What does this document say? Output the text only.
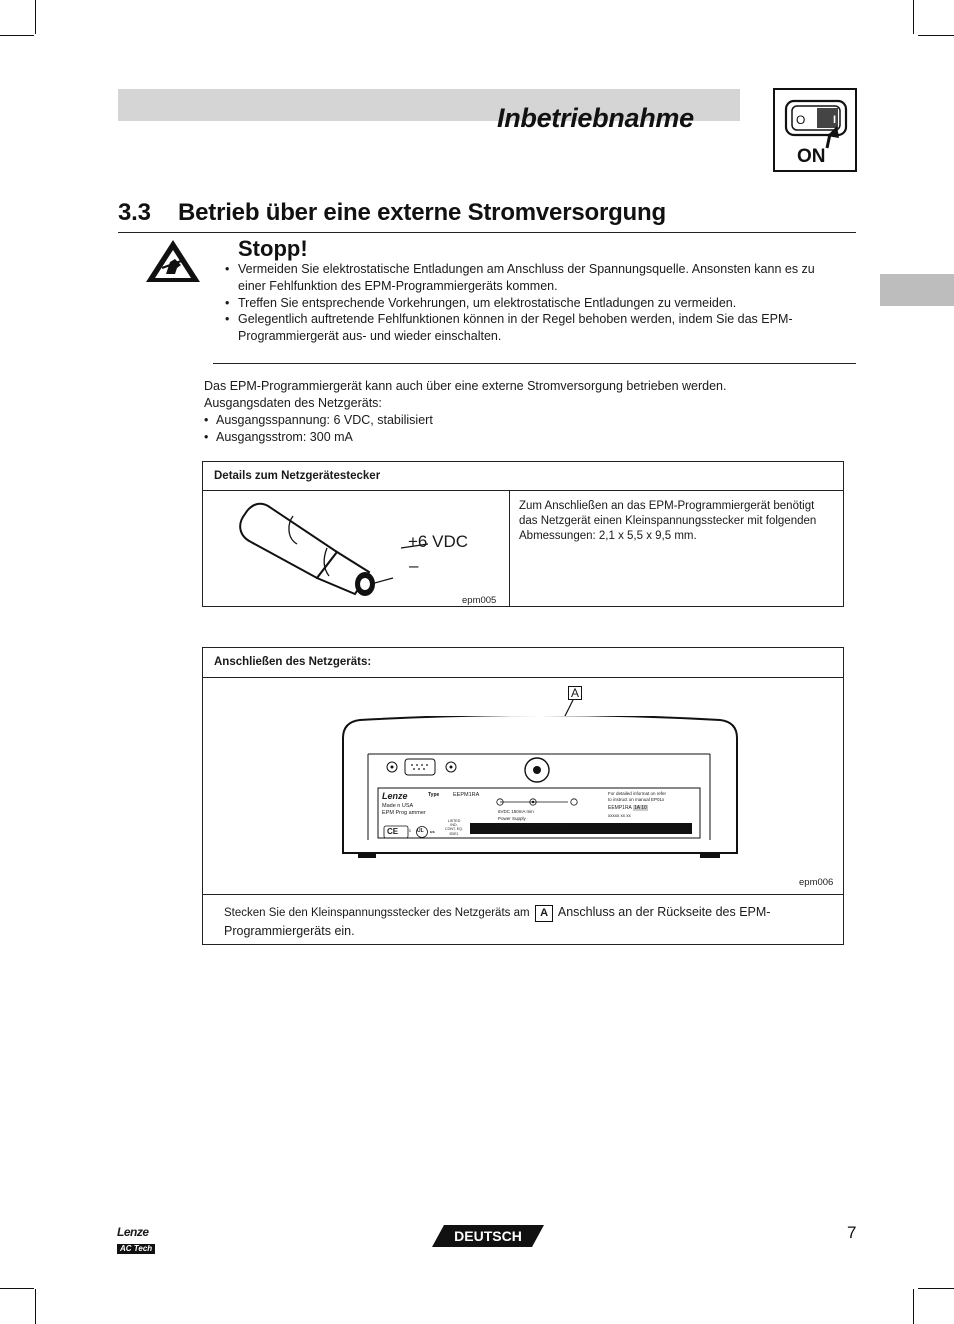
Inbetriebnahme	O	I
ON
3.3 Betrieb über eine externe Stromversorgung
Stopp!
• Vermeiden Sie elektrostatische Entladungen am Anschluss der Spannungsquelle. Ansonsten kann es zu einer Fehlfunktion des EPM-Programmiergeräts kommen.
• Treffen Sie entsprechende Vorkehrungen, um elektrostatische Entladungen zu vermeiden.
• Gelegentlich auftretende Fehlfunktionen können in der Regel behoben werden, indem Sie das EPM-Programmiergerät aus- und wieder einschalten.
Das EPM-Programmiergerät kann auch über eine externe Stromversorgung betrieben werden.
Ausgangsdaten des Netzgeräts:
• Ausgangsspannung: 6 VDC, stabilisiert
• Ausgangsstrom: 300 mA
Details zum Netzgerätestecker
+6 VDC
–
epm005
Zum Anschließen an das EPM-Programmiergerät benötigt das Netzgerät einen Kleinspannungsstecker mit folgenden Abmessungen: 2,1 x 5,5 x 9,5 mm.
Anschließen des Netzgeräts:
A
Lenze	Type EEPM1RA
Made n USA
EPM Prog ammer
CE c UL us
LISTED
IND.
CONT. EQ.
5DE1
6VDC 150mA min
Power Supply
(FRIWO 7207/06 15 0791 MPP15)
For detailed informat on refer
to instruct on manual EP01x
EEMP1RA 1A 10
xxxxx xx xx
epm006
Stecken Sie den Kleinspannungsstecker des Netzgeräts am A Anschluss an der Rückseite des EPM-Programmiergeräts ein.
Lenze
AC Tech
DEUTSCH	7
